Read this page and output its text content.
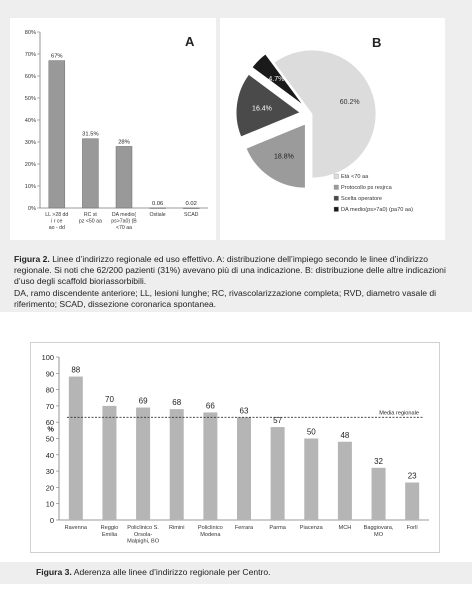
A
0%
10%
20%
30%
40%
50%
60%
70%
80%
67%
LL >28 dd
i r ce
ao - dd
31.5%
RC st
pz <50 aa
28%
DA medio(
ps>7a0) (B
<70 aa
0.06
Ostiale
0.02
SCAD
B
60.2%
18.8%
16.4%
4.7%
Età <70 aa
Protocollo ps resjrca
Scelta operatore
DA medio(ps>7a0) (pa70 aa)
Figura 2. Linee d’indirizzo regionale ed uso effettivo. A: distribuzione dell’impiego secondo le linee d’indirizzo regionale. Si noti che 62/200 pazienti (31%) avevano più di una indicazione. B: distribuzione delle altre indicazioni d’uso degli scaffold bioriassorbibili.
DA, ramo discendente anteriore; LL, lesioni lunghe; RC, rivascolarizzazione completa; RVD, diametro vasale di riferimento; SCAD, dissezione coronarica spontanea.
0
10
20
30
40
50
60
70
80
90
100
%
88
Ravenna
70
Reggio
Emilia
69
Policlinico S.
Orsola-
Malpighi, BO
68
Rimini
66
Policlinico
Modena
63
Ferrara
57
Parma
50
Piacenza
48
MCH
32
Baggiovara,
MO
23
Forlì
Media regionale
Figura 3. Aderenza alle linee d’indirizzo regionale per Centro.
